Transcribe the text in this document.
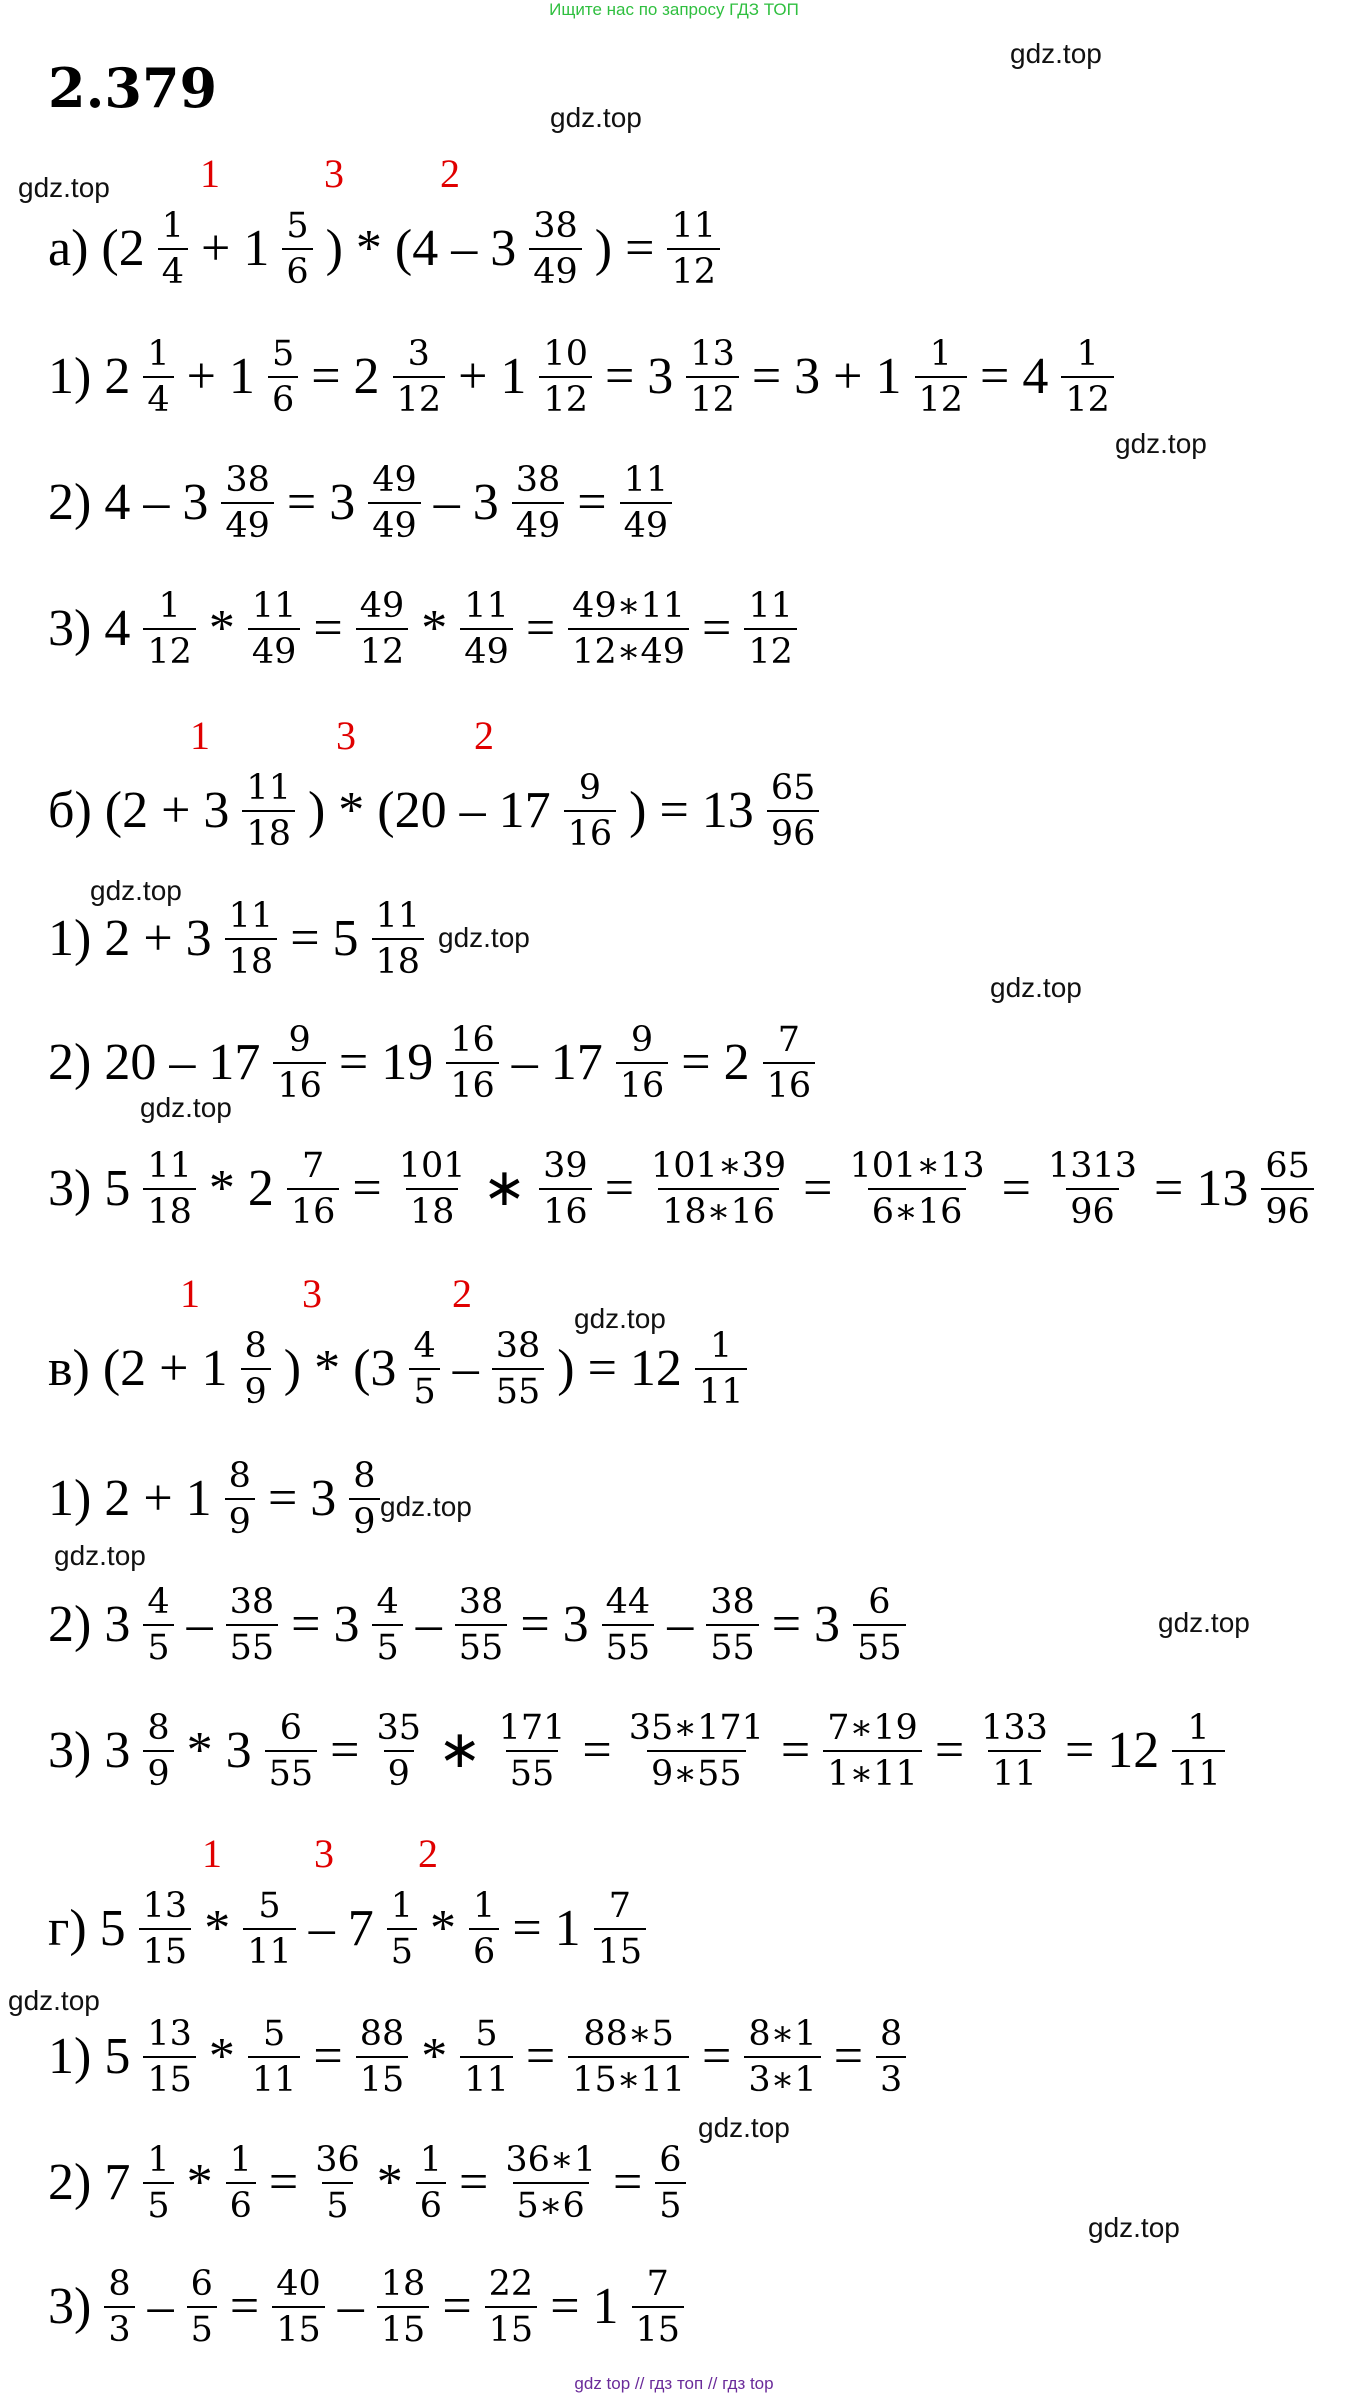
Ищите нас по запросу ГДЗ ТОП
2.379
gdz.top
gdz.top
gdz.top
gdz.top
gdz.top
gdz.top
gdz.top
gdz.top
gdz.top
gdz.top
gdz.top
gdz.top
gdz.top
gdz.top
gdz.top
1	3 2
1	3	2
1	3	2
1 3 2
а) ($2 \frac{1}{4} + 1 \frac{5}{6}$ ) * ($4 - 3 \frac{38}{49}$ ) = $\frac{11}{12}$
1) $2 \frac{1}{4} + 1 \frac{5}{6} = 2 \frac{3}{12} + 1 \frac{10}{12} = 3 \frac{13}{12} = 3 + 1 \frac{1}{12} = 4 \frac{1}{12}$
2) $4 - 3 \frac{38}{49} = 3 \frac{49}{49} - 3 \frac{38}{49} = \frac{11}{49}$
3) $4 \frac{1}{12} * \frac{11}{49} = \frac{49}{12} * \frac{11}{49} = \frac{49∗11}{12∗49} = \frac{11}{12}$
б) ($2 + 3 \frac{11}{18}$ ) * ($20 - 17 \frac{9}{16}$ ) = $13 \frac{65}{96}$
1) $2 + 3 \frac{11}{18} = 5 \frac{11}{18}$
2) $20 - 17 \frac{9}{16} = 19 \frac{16}{16} - 17 \frac{9}{16} = 2 \frac{7}{16}$
3) $5 \frac{11}{18} * 2 \frac{7}{16} = \frac{101}{18}$ ∗ $\frac{39}{16} = \frac{101∗39}{18∗16} = \frac{101∗13}{6∗16} = \frac{1313}{96} = 13 \frac{65}{96}$
в) ($2 + 1 \frac{8}{9}$ ) * ($3 \frac{4}{5} - \frac{38}{55}$ ) = $12 \frac{1}{11}$
1) $2 + 1 \frac{8}{9} = 3 \frac{8}{9}$
2) $3 \frac{4}{5} - \frac{38}{55} = 3 \frac{4}{5} - \frac{38}{55} = 3 \frac{44}{55} - \frac{38}{55} = 3 \frac{6}{55}$
3) $3 \frac{8}{9} * 3 \frac{6}{55} = \frac{35}{9}$ ∗ $\frac{171}{55} = \frac{35∗171}{9∗55} = \frac{7∗19}{1∗11} = \frac{133}{11} = 12 \frac{1}{11}$
г) $5 \frac{13}{15} * \frac{5}{11} - 7 \frac{1}{5} * \frac{1}{6} = 1 \frac{7}{15}$
1) $5 \frac{13}{15} * \frac{5}{11} = \frac{88}{15} * \frac{5}{11} = \frac{88∗5}{15∗11} = \frac{8∗1}{3∗1} = \frac{8}{3}$
2) $7 \frac{1}{5} * \frac{1}{6} = \frac{36}{5} * \frac{1}{6} = \frac{36∗1}{5∗6} = \frac{6}{5}$
$3) \frac{8}{3} - \frac{6}{5} = \frac{40}{15} - \frac{18}{15} = \frac{22}{15} = 1 \frac{7}{15}$
gdz top // гдз топ // гдз top
